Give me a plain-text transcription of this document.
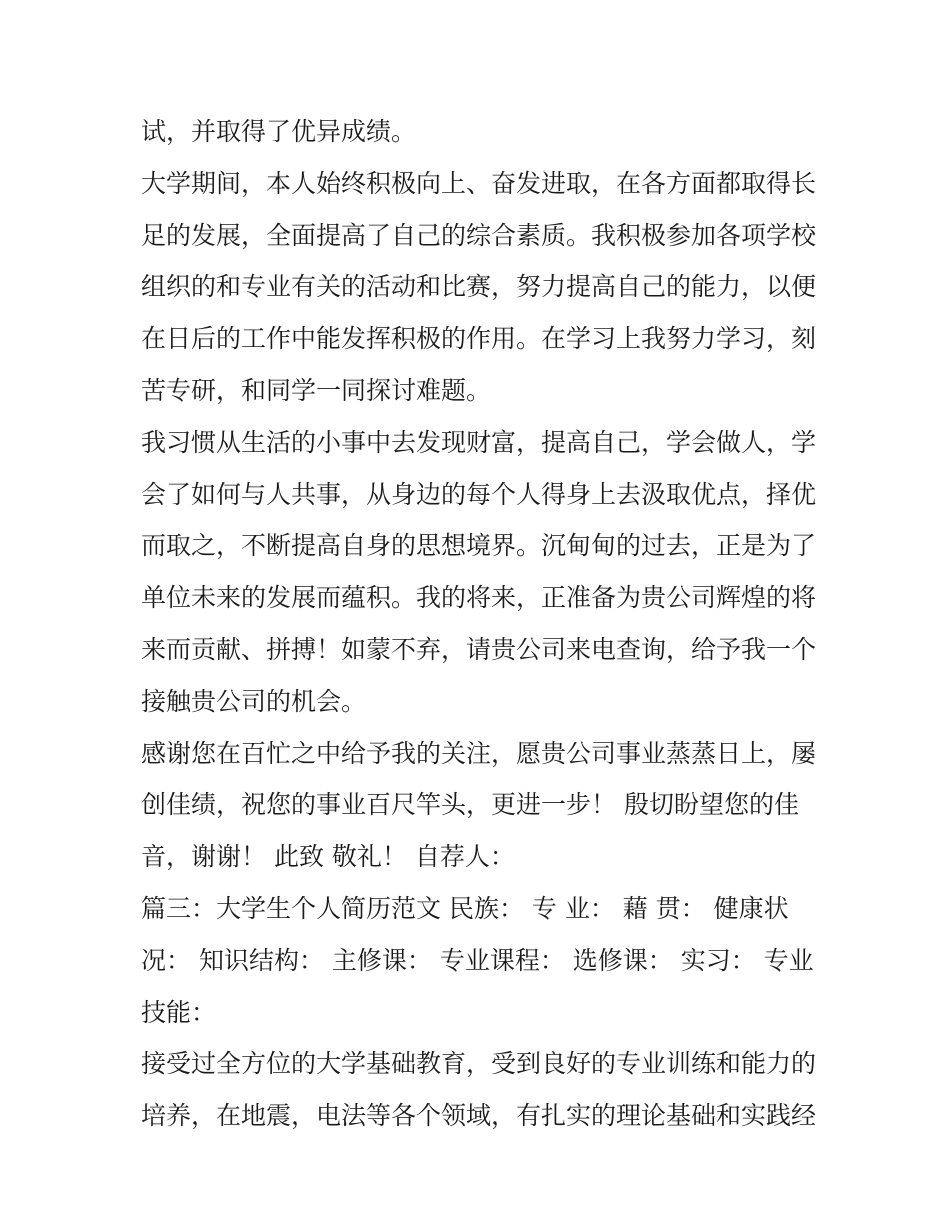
试，并取得了优异成绩。
大学期间，本人始终积极向上、奋发进取，在各方面都取得长
足的发展，全面提高了自己的综合素质。我积极参加各项学校
组织的和专业有关的活动和比赛，努力提高自己的能力，以便
在日后的工作中能发挥积极的作用。在学习上我努力学习，刻
苦专研，和同学一同探讨难题。
我习惯从生活的小事中去发现财富，提高自己，学会做人，学
会了如何与人共事，从身边的每个人得身上去汲取优点，择优
而取之，不断提高自身的思想境界。沉甸甸的过去，正是为了
单位未来的发展而蕴积。我的将来，正准备为贵公司辉煌的将
来而贡献、拼搏！如蒙不弃，请贵公司来电查询，给予我一个
接触贵公司的机会。
感谢您在百忙之中给予我的关注，愿贵公司事业蒸蒸日上，屡
创佳绩，祝您的事业百尺竿头，更进一步！ 殷切盼望您的佳
音，谢谢！ 此致 敬礼！ 自荐人：
篇三：大学生个人简历范文 民族： 专 业： 藉 贯： 健康状
况： 知识结构： 主修课： 专业课程： 选修课： 实习： 专业
技能：
接受过全方位的大学基础教育，受到良好的专业训练和能力的
培养，在地震，电法等各个领域，有扎实的理论基础和实践经
